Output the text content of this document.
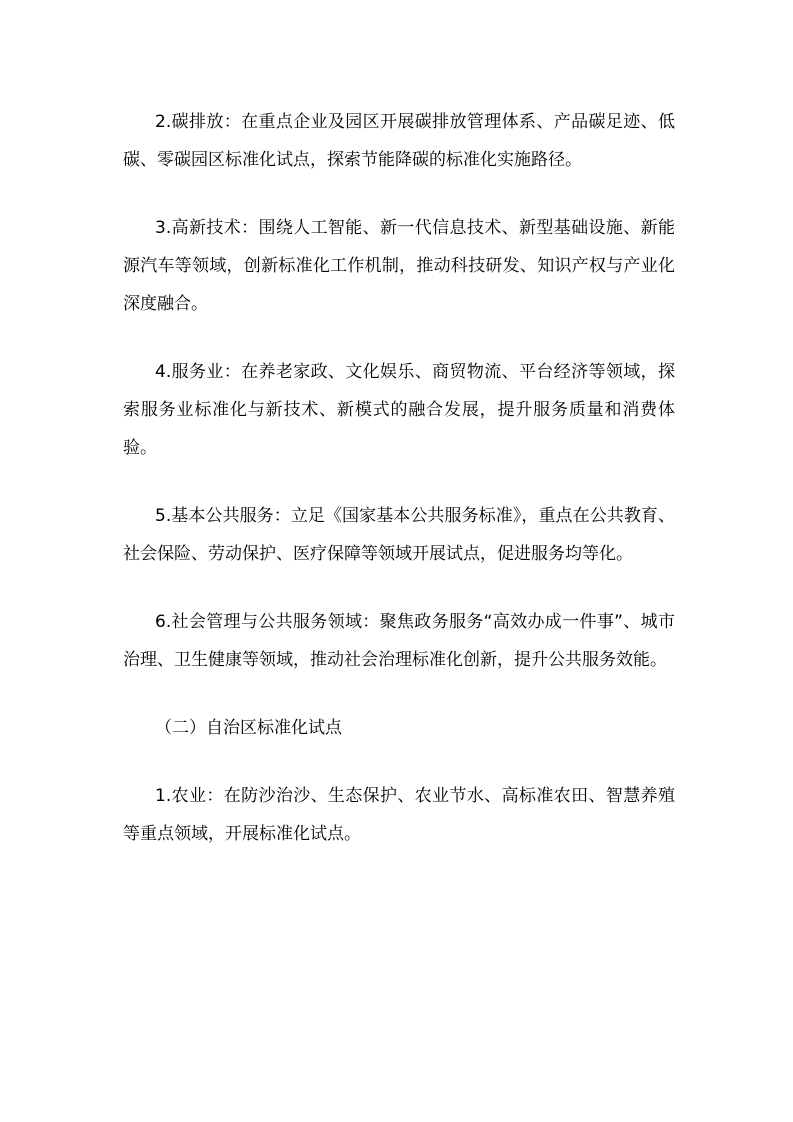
2.碳排放：在重点企业及园区开展碳排放管理体系、产品碳足迹、低碳、零碳园区标准化试点，探索节能降碳的标准化实施路径。

3.高新技术：围绕人工智能、新一代信息技术、新型基础设施、新能源汽车等领域，创新标准化工作机制，推动科技研发、知识产权与产业化深度融合。

4.服务业：在养老家政、文化娱乐、商贸物流、平台经济等领域，探索服务业标准化与新技术、新模式的融合发展，提升服务质量和消费体验。

5.基本公共服务：立足《国家基本公共服务标准》，重点在公共教育、社会保险、劳动保护、医疗保障等领域开展试点，促进服务均等化。

6.社会管理与公共服务领域：聚焦政务服务“高效办成一件事”、城市治理、卫生健康等领域，推动社会治理标准化创新，提升公共服务效能。

（二）自治区标准化试点

1.农业：在防沙治沙、生态保护、农业节水、高标准农田、智慧养殖等重点领域，开展标准化试点。
